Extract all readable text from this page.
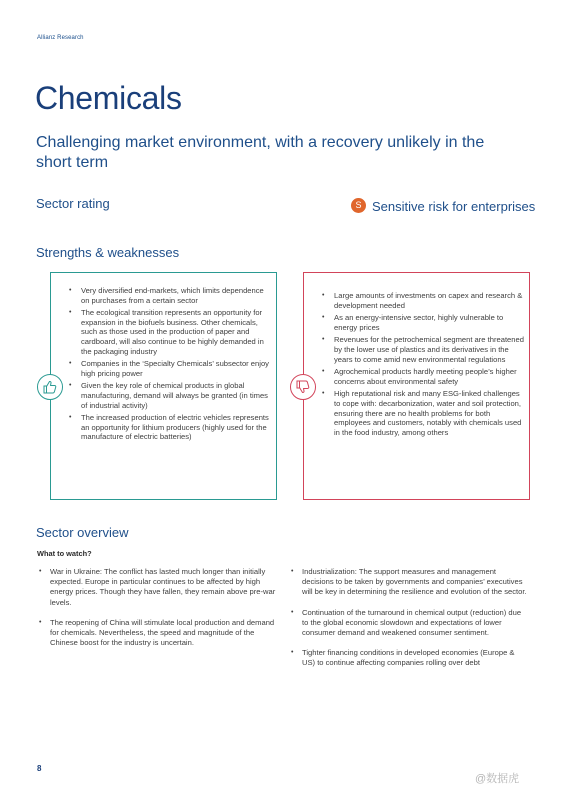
Allianz Research
Chemicals
Challenging market environment, with a recovery unlikely in the short term
Sector rating	S Sensitive risk for enterprises
Strengths & weaknesses
• Very diversified end-markets, which limits dependence on purchases from a certain sector
• The ecological transition represents an opportunity for expansion in the biofuels business. Other chemicals, such as those used in the production of paper and cardboard, will also continue to be highly demanded in the packaging industry
• Companies in the ‘Specialty Chemicals’ subsector enjoy high pricing power
• Given the key role of chemical products in global manufacturing, demand will always be granted (in times of industrial activity)
• The increased production of electric vehicles represents an opportunity for lithium producers (highly used for the manufacture of electric batteries)
• Large amounts of investments on capex and research & development needed
• As an energy-intensive sector, highly vulnerable to energy prices
• Revenues for the petrochemical segment are threatened by the lower use of plastics and its derivatives in the years to come amid new environmental regulations
• Agrochemical products hardly meeting people’s higher concerns about environmental safety
• High reputational risk and many ESG-linked challenges to cope with: decarbonization, water and soil protection, ensuring there are no health problems for both employees and customers, notably with chemicals used in the food industry, among others
Sector overview
What to watch?
• War in Ukraine: The conflict has lasted much longer than initially expected. Europe in particular continues to be affected by high energy prices. Though they have fallen, they remain above pre-war levels.
• The reopening of China will stimulate local production and demand for chemicals. Nevertheless, the speed and magnitude of the Chinese boost for the industry is uncertain.
• Industrialization: The support measures and management decisions to be taken by governments and companies’ executives will be key in determining the resilience and evolution of the sector.
• Continuation of the turnaround in chemical output (reduction) due to the global economic slowdown and expectations of lower consumer demand and weakened consumer sentiment.
• Tighter financing conditions in developed economies (Europe & US) to continue affecting companies rolling over debt
8
@数据虎
